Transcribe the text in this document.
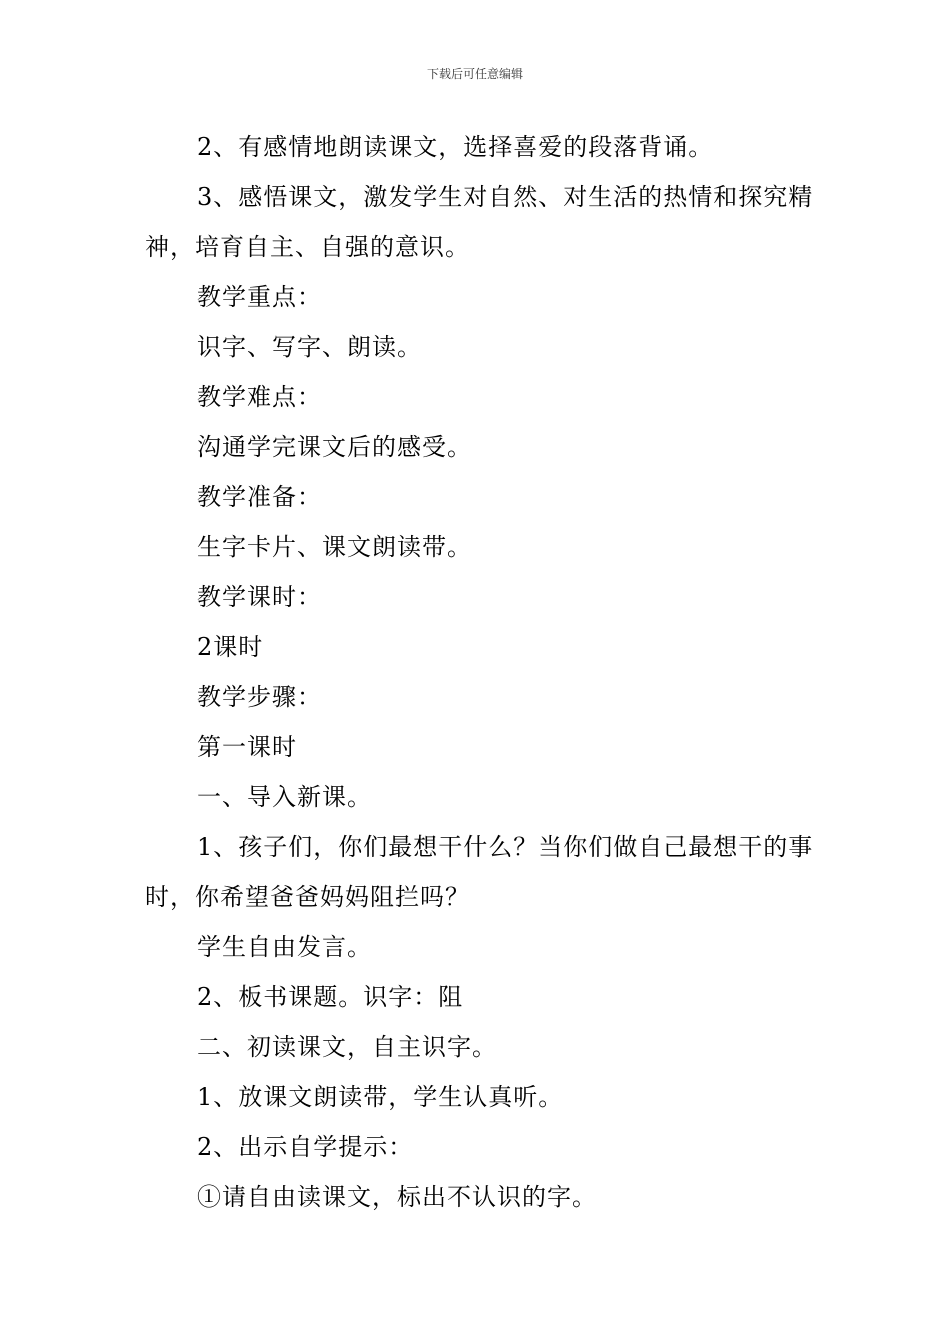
下载后可任意编辑

2、有感情地朗读课文，选择喜爱的段落背诵。

3、感悟课文，激发学生对自然、对生活的热情和探究精神，培育自主、自强的意识。

教学重点：

识字、写字、朗读。

教学难点：

沟通学完课文后的感受。

教学准备：

生字卡片、课文朗读带。

教学课时：

2课时

教学步骤：

第一课时

一、导入新课。

1、孩子们，你们最想干什么？当你们做自己最想干的事时，你希望爸爸妈妈阻拦吗？

学生自由发言。

2、板书课题。识字：阻

二、初读课文，自主识字。

1、放课文朗读带，学生认真听。

2、出示自学提示：

①请自由读课文，标出不认识的字。
